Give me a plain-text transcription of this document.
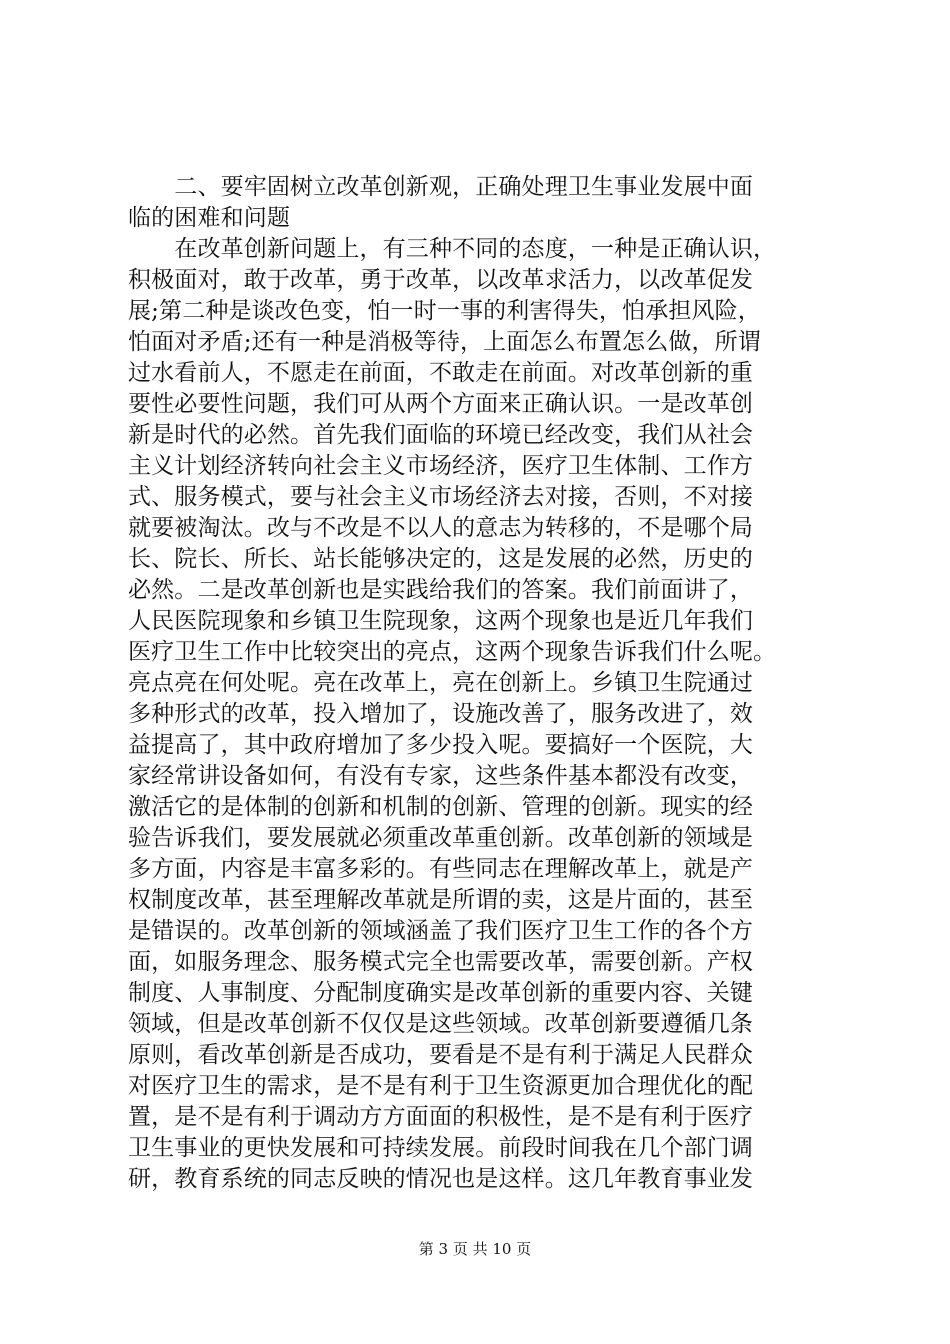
　　二、要牢固树立改革创新观，正确处理卫生事业发展中面
临的困难和问题
　　在改革创新问题上，有三种不同的态度，一种是正确认识，
积极面对，敢于改革，勇于改革，以改革求活力，以改革促发
展;第二种是谈改色变，怕一时一事的利害得失，怕承担风险，
怕面对矛盾;还有一种是消极等待，上面怎么布置怎么做，所谓
过水看前人，不愿走在前面，不敢走在前面。对改革创新的重
要性必要性问题，我们可从两个方面来正确认识。一是改革创
新是时代的必然。首先我们面临的环境已经改变，我们从社会
主义计划经济转向社会主义市场经济，医疗卫生体制、工作方
式、服务模式，要与社会主义市场经济去对接，否则，不对接
就要被淘汰。改与不改是不以人的意志为转移的，不是哪个局
长、院长、所长、站长能够决定的，这是发展的必然，历史的
必然。二是改革创新也是实践给我们的答案。我们前面讲了，
人民医院现象和乡镇卫生院现象，这两个现象也是近几年我们
医疗卫生工作中比较突出的亮点，这两个现象告诉我们什么呢。
亮点亮在何处呢。亮在改革上，亮在创新上。乡镇卫生院通过
多种形式的改革，投入增加了，设施改善了，服务改进了，效
益提高了，其中政府增加了多少投入呢。要搞好一个医院，大
家经常讲设备如何，有没有专家，这些条件基本都没有改变，
激活它的是体制的创新和机制的创新、管理的创新。现实的经
验告诉我们，要发展就必须重改革重创新。改革创新的领域是
多方面，内容是丰富多彩的。有些同志在理解改革上，就是产
权制度改革，甚至理解改革就是所谓的卖，这是片面的，甚至
是错误的。改革创新的领域涵盖了我们医疗卫生工作的各个方
面，如服务理念、服务模式完全也需要改革，需要创新。产权
制度、人事制度、分配制度确实是改革创新的重要内容、关键
领域，但是改革创新不仅仅是这些领域。改革创新要遵循几条
原则，看改革创新是否成功，要看是不是有利于满足人民群众
对医疗卫生的需求，是不是有利于卫生资源更加合理优化的配
置，是不是有利于调动方方面面的积极性，是不是有利于医疗
卫生事业的更快发展和可持续发展。前段时间我在几个部门调
研，教育系统的同志反映的情况也是这样。这几年教育事业发
第 3 页 共 10 页
